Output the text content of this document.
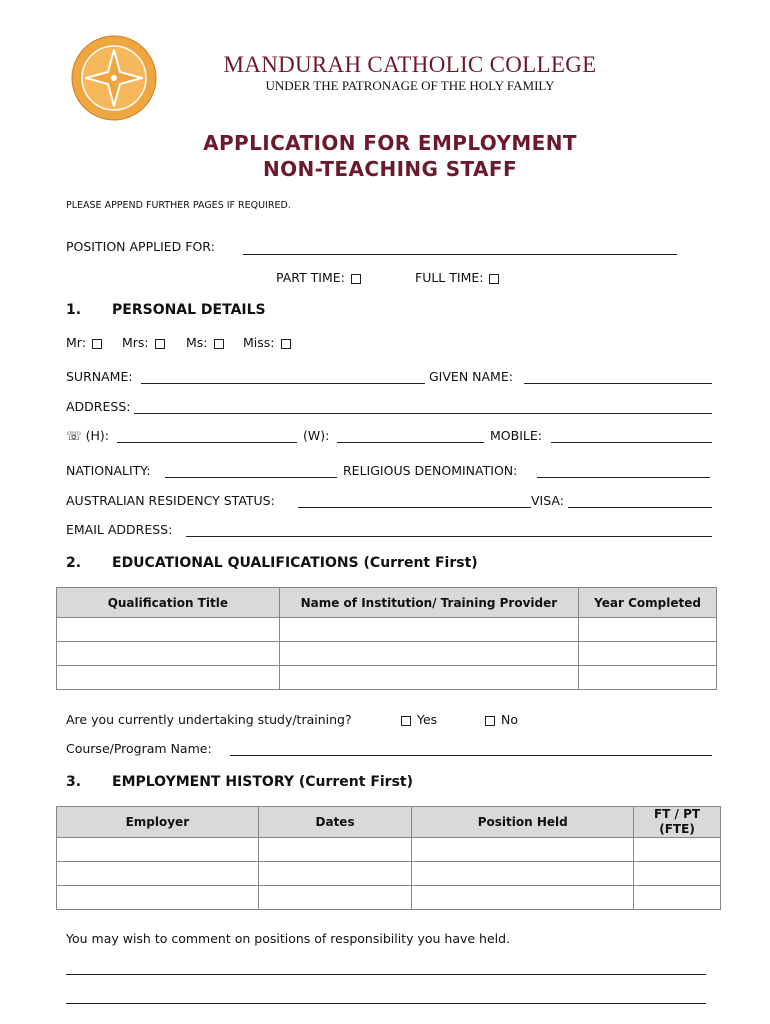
MANDURAH CATHOLIC COLLEGE
UNDER THE PATRONAGE OF THE HOLY FAMILY
APPLICATION FOR EMPLOYMENT
NON-TEACHING STAFF
PLEASE APPEND FURTHER PAGES IF REQUIRED.
POSITION APPLIED FOR:
PART TIME:	FULL TIME:
1. PERSONAL DETAILS
Mr:	Mrs:	Ms:	Miss:
SURNAME:	GIVEN NAME:
ADDRESS:
☏ (H):	(W):	MOBILE:
NATIONALITY:	RELIGIOUS DENOMINATION:
AUSTRALIAN RESIDENCY STATUS:	VISA:
EMAIL ADDRESS:
2. EDUCATIONAL QUALIFICATIONS (Current First)
Qualification Title	Name of Institution/ Training Provider	Year Completed

Are you currently undertaking study/training?	Yes	No
Course/Program Name:
3. EMPLOYMENT HISTORY (Current First)
Employer	Dates	Position Held	FT / PT (FTE)

You may wish to comment on positions of responsibility you have held.
